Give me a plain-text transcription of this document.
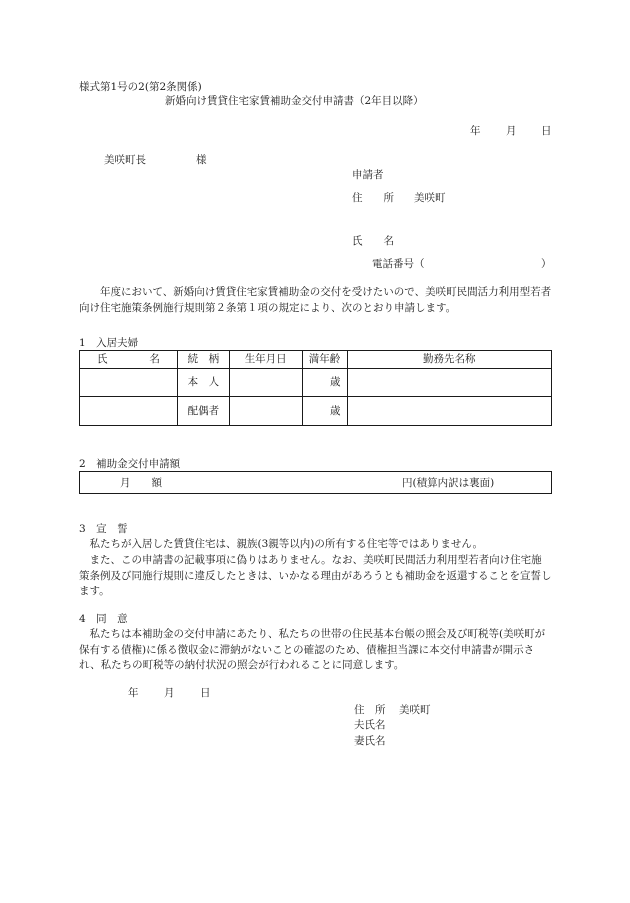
様式第1号の2(第2条関係)
新婚向け賃貸住宅家賃補助金交付申請書（2年目以降）
年 月 日
美咲町長	様
申請者
住　　所 美咲町
氏　　名
電話番号（	）
　　年度において、新婚向け賃貸住宅家賃補助金の交付を受けたいので、美咲町民間活力利用型若者向け住宅施策条例施行規則第２条第１項の規定により、次のとおり申請します。
1　入居夫婦
氏　　　　名	続　柄	生年月日	満年齢	勤務先名称
	本　人		歳	
	配偶者		歳	
2　補助金交付申請額
月　　額	円(積算内訳は裏面)
3　宣　誓
　私たちが入居した賃貸住宅は、親族(3親等以内)の所有する住宅等ではありません。
　また、この申請書の記載事項に偽りはありません。なお、美咲町民間活力利用型若者向け住宅施策条例及び同施行規則に違反したときは、いかなる理由があろうとも補助金を返還することを宣誓します。
4　同　意
　私たちは本補助金の交付申請にあたり、私たちの世帯の住民基本台帳の照会及び町税等(美咲町が保有する債権)に係る徴収金に滞納がないことの確認のため、債権担当課に本交付申請書が開示され、私たちの町税等の納付状況の照会が行われることに同意します。
年 月 日
住　所 美咲町
夫氏名
妻氏名
